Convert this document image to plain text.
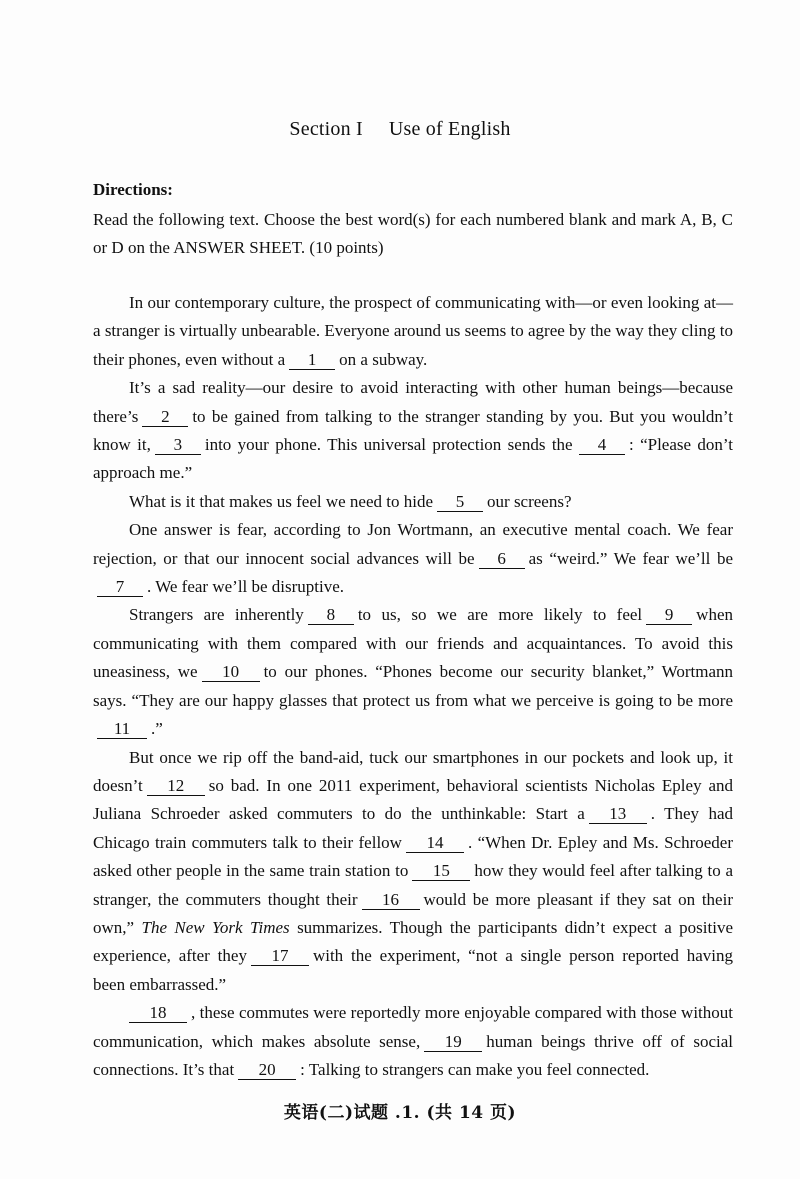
Section I Use of English
Directions:
Read the following text. Choose the best word(s) for each numbered blank and mark A, B, C or D on the ANSWER SHEET. (10 points)

In our contemporary culture, the prospect of communicating with—or even looking at—a stranger is virtually unbearable. Everyone around us seems to agree by the way they cling to their phones, even without a 1 on a subway.

It’s a sad reality—our desire to avoid interacting with other human beings—because there’s 2 to be gained from talking to the stranger standing by you. But you wouldn’t know it, 3 into your phone. This universal protection sends the 4 : “Please don’t approach me.”

What is it that makes us feel we need to hide 5 our screens?

One answer is fear, according to Jon Wortmann, an executive mental coach. We fear rejection, or that our innocent social advances will be 6 as “weird.” We fear we’ll be7 . We fear we’ll be disruptive.

Strangers are inherently 8 to us, so we are more likely to feel 9 when communicating with them compared with our friends and acquaintances. To avoid this uneasiness, we 10 to our phones. “Phones become our security blanket,” Wortmann says. “They are our happy glasses that protect us from what we perceive is going to be more11 .”

But once we rip off the band-aid, tuck our smartphones in our pockets and look up, it doesn’t 12 so bad. In one 2011 experiment, behavioral scientists Nicholas Epley and Juliana Schroeder asked commuters to do the unthinkable: Start a 13 . They had Chicago train commuters talk to their fellow 14 . “When Dr. Epley and Ms. Schroeder asked other people in the same train station to 15 how they would feel after talking to a stranger, the commuters thought their 16 would be more pleasant if they sat on their own,” The New York Times summarizes. Though the participants didn’t expect a positive experience, after they 17 with the experiment, “not a single person reported having been embarrassed.”

18 , these commutes were reportedly more enjoyable compared with those without communication, which makes absolute sense, 19 human beings thrive off of social connections. It’s that 20 : Talking to strangers can make you feel connected.

英语(二)试题 .1. (共 14 页)
